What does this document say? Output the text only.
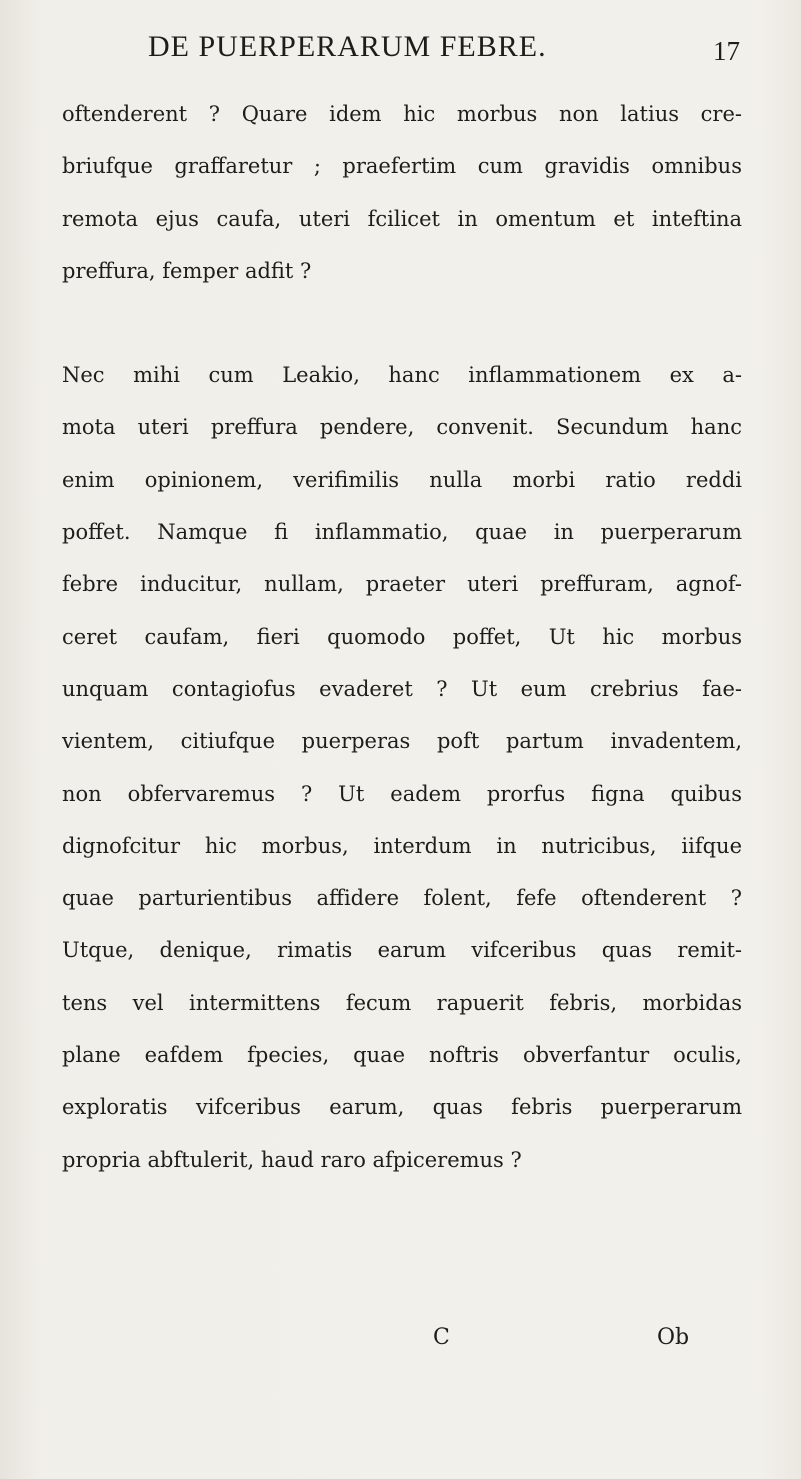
DE PUERPERARUM FEBRE.	17
oftenderent ? Quare idem hic morbus non latius cre-
briufque graffaretur ; praefertim cum gravidis omnibus
remota ejus caufa, uteri fcilicet in omentum et inteftina
preffura, femper adfit ?
Nec mihi cum Leakio, hanc inflammationem ex a-
mota uteri preffura pendere, convenit. Secundum hanc
enim opinionem, verifimilis nulla morbi ratio reddi
poffet. Namque fi inflammatio, quae in puerperarum
febre inducitur, nullam, praeter uteri preffuram, agnof-
ceret caufam, fieri quomodo poffet, Ut hic morbus
unquam contagiofus evaderet ? Ut eum crebrius fae-
vientem, citiufque puerperas poft partum invadentem,
non obfervaremus ? Ut eadem prorfus figna quibus
dignofcitur hic morbus, interdum in nutricibus, iifque
quae parturientibus affidere folent, fefe oftenderent ?
Utque, denique, rimatis earum vifceribus quas remit-
tens vel intermittens fecum rapuerit febris, morbidas
plane eafdem fpecies, quae noftris obverfantur oculis,
exploratis vifceribus earum, quas febris puerperarum
propria abftulerit, haud raro afpiceremus ?
C	Ob
